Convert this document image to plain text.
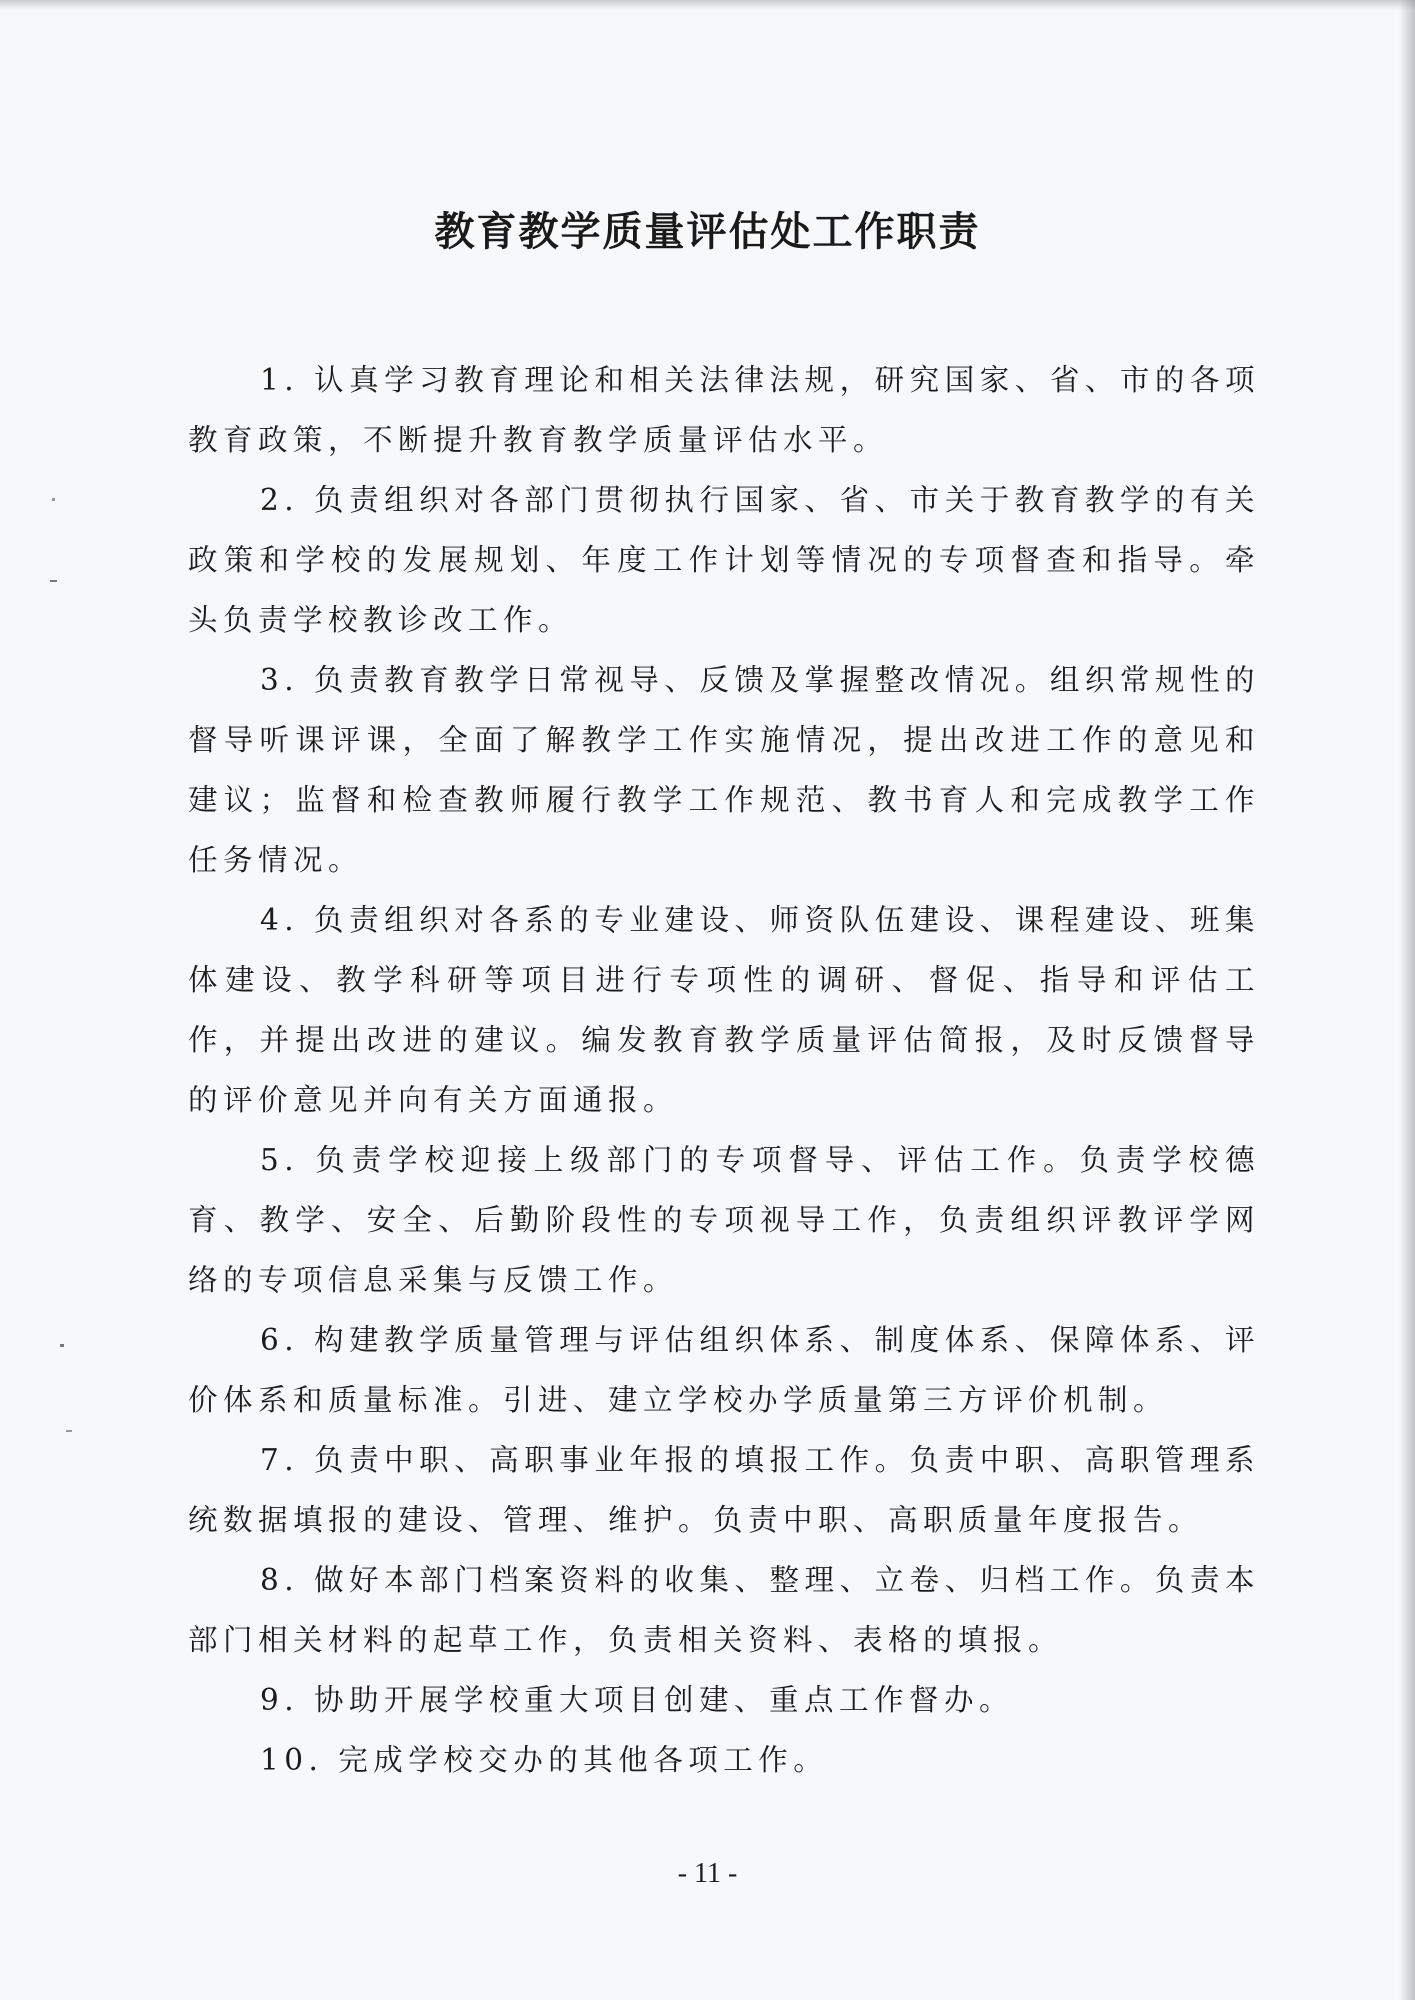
教育教学质量评估处工作职责

1. 认真学习教育理论和相关法律法规，研究国家、省、市的各项教育政策，不断提升教育教学质量评估水平。

2. 负责组织对各部门贯彻执行国家、省、市关于教育教学的有关政策和学校的发展规划、年度工作计划等情况的专项督查和指导。牵头负责学校教诊改工作。

3. 负责教育教学日常视导、反馈及掌握整改情况。组织常规性的督导听课评课，全面了解教学工作实施情况，提出改进工作的意见和建议；监督和检查教师履行教学工作规范、教书育人和完成教学工作任务情况。

4. 负责组织对各系的专业建设、师资队伍建设、课程建设、班集体建设、教学科研等项目进行专项性的调研、督促、指导和评估工作，并提出改进的建议。编发教育教学质量评估简报，及时反馈督导的评价意见并向有关方面通报。

5. 负责学校迎接上级部门的专项督导、评估工作。负责学校德育、教学、安全、后勤阶段性的专项视导工作，负责组织评教评学网络的专项信息采集与反馈工作。

6. 构建教学质量管理与评估组织体系、制度体系、保障体系、评价体系和质量标准。引进、建立学校办学质量第三方评价机制。

7. 负责中职、高职事业年报的填报工作。负责中职、高职管理系统数据填报的建设、管理、维护。负责中职、高职质量年度报告。

8. 做好本部门档案资料的收集、整理、立卷、归档工作。负责本部门相关材料的起草工作，负责相关资料、表格的填报。

9. 协助开展学校重大项目创建、重点工作督办。

10. 完成学校交办的其他各项工作。

- 11 -
